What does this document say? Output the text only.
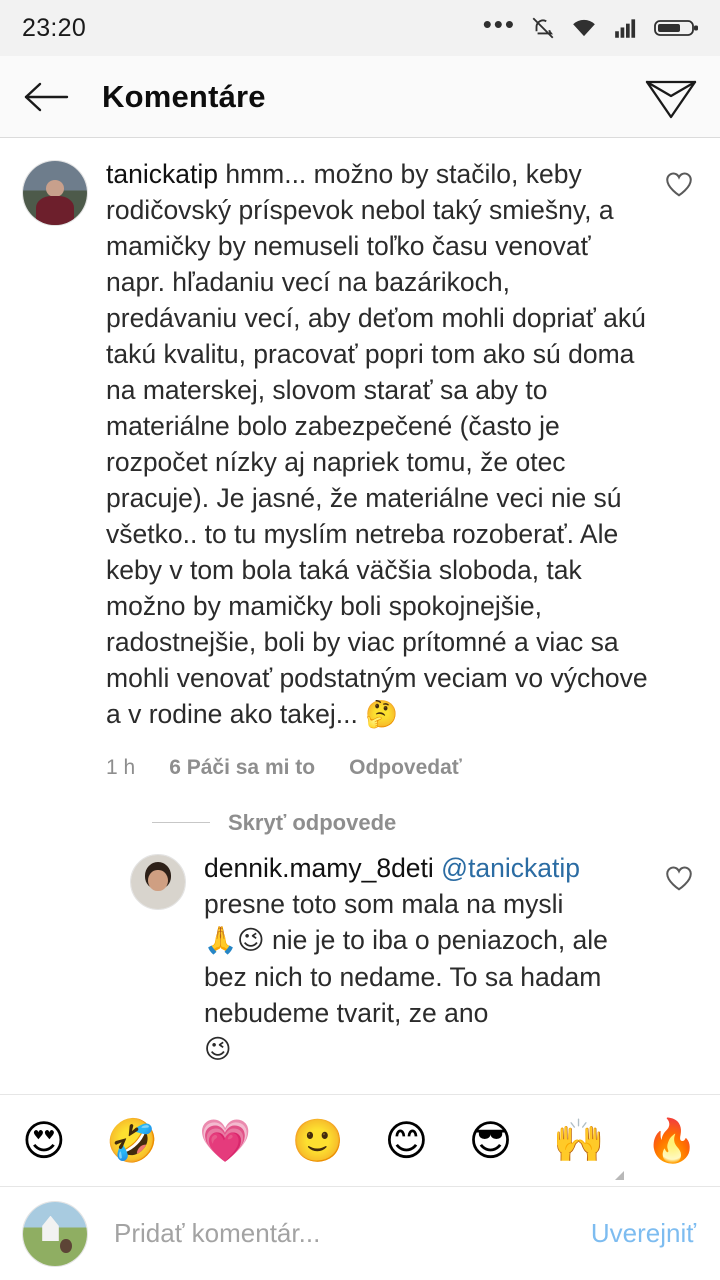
23:20	•••
Komentáre
tanickatip hmm... možno by stačilo, keby rodičovský príspevok nebol taký smiešny, a mamičky by nemuseli toľko času venovať napr. hľadaniu vecí na bazárikoch, predávaniu vecí, aby deťom mohli dopriať akú takú kvalitu, pracovať popri tom ako sú doma na materskej, slovom starať sa aby to materiálne bolo zabezpečené (často je rozpočet nízky aj napriek tomu, že otec pracuje). Je jasné, že materiálne veci nie sú všetko.. to tu myslím netreba rozoberať. Ale keby v tom bola taká väčšia sloboda, tak možno by mamičky boli spokojnejšie, radostnejšie, boli by viac prítomné a viac sa mohli venovať podstatným veciam vo výchove a v rodine ako takej... 🤔
1 h 6 Páči sa mi to Odpovedať
Skryť odpovede
dennik.mamy_8deti @tanickatip
presne toto som mala na mysli
🙏😉 nie je to iba o peniazoch, ale bez nich to nedame. To sa hadam nebudeme tvarit, ze ano
😉
😍 🤣 💗 🙂 😊 😎 🙌 🔥
Pridať komentár...
Uverejniť
